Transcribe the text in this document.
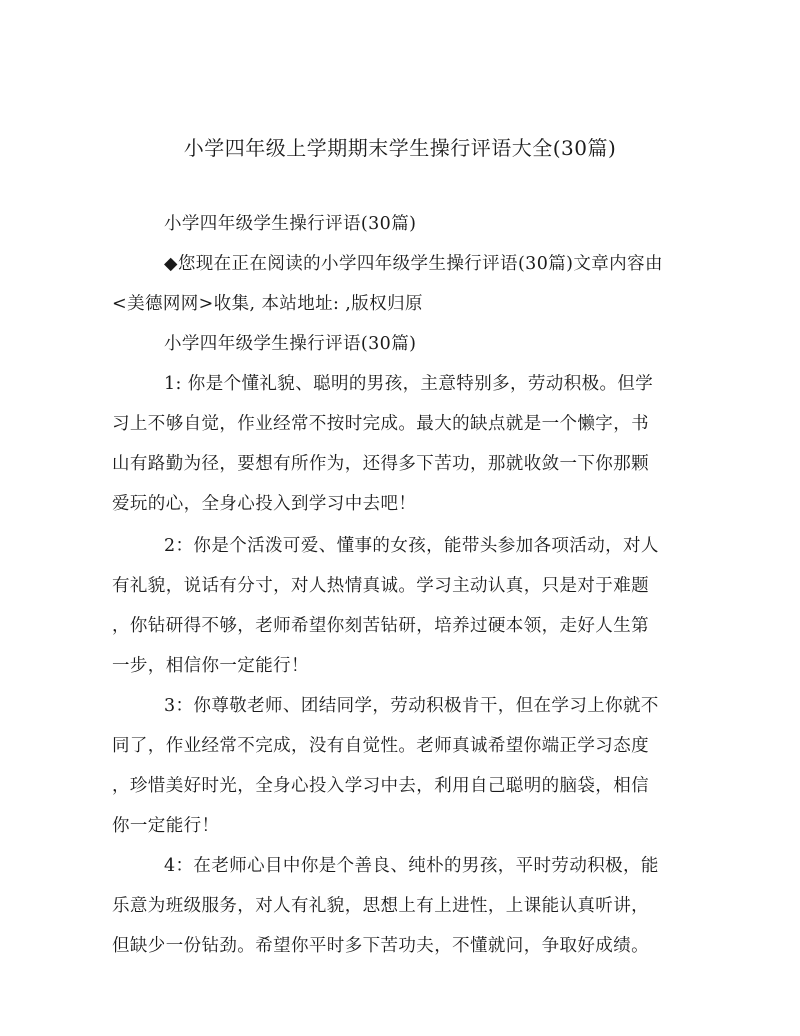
小学四年级上学期期末学生操行评语大全(30篇)
小学四年级学生操行评语(30篇)
◆您现在正在阅读的小学四年级学生操行评语(30篇)文章内容由
<美德网网>收集, 本站地址: ,版权归原
小学四年级学生操行评语(30篇)
1: 你是个懂礼貌、聪明的男孩，主意特别多，劳动积极。但学
习上不够自觉，作业经常不按时完成。最大的缺点就是一个懒字，书
山有路勤为径，要想有所作为，还得多下苦功，那就收敛一下你那颗
爱玩的心，全身心投入到学习中去吧！
2：你是个活泼可爱、懂事的女孩，能带头参加各项活动，对人
有礼貌，说话有分寸，对人热情真诚。学习主动认真，只是对于难题
，你钻研得不够，老师希望你刻苦钻研，培养过硬本领，走好人生第
一步，相信你一定能行！
3：你尊敬老师、团结同学，劳动积极肯干，但在学习上你就不
同了，作业经常不完成，没有自觉性。老师真诚希望你端正学习态度
，珍惜美好时光，全身心投入学习中去，利用自己聪明的脑袋，相信
你一定能行！
4：在老师心目中你是个善良、纯朴的男孩，平时劳动积极，能
乐意为班级服务，对人有礼貌，思想上有上进性，上课能认真听讲，
但缺少一份钻劲。希望你平时多下苦功夫，不懂就问，争取好成绩。
